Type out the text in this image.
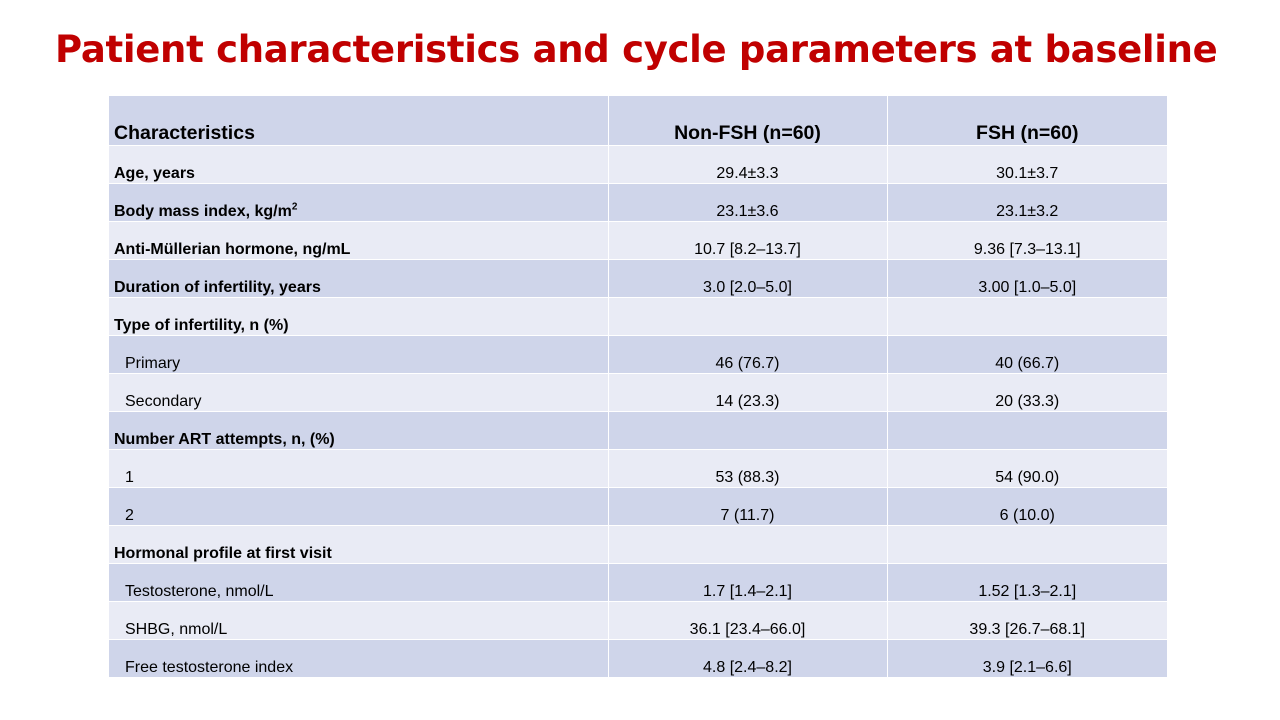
Patient characteristics and cycle parameters at baseline
Characteristics	Non-FSH (n=60)	FSH (n=60)
Age, years	29.4±3.3	30.1±3.7
Body mass index, $kg/m^2$	23.1±3.6	23.1±3.2
Anti-Müllerian hormone, ng/mL	10.7 [8.2–13.7]	9.36 [7.3–13.1]
Duration of infertility, years	3.0 [2.0–5.0]	3.00 [1.0–5.0]
Type of infertility, n (%)		
Primary	46 (76.7)	40 (66.7)
Secondary	14 (23.3)	20 (33.3)
Number ART attempts, n, (%)		
1	53 (88.3)	54 (90.0)
2	7 (11.7)	6 (10.0)
Hormonal profile at first visit		
Testosterone, nmol/L	1.7 [1.4–2.1]	1.52 [1.3–2.1]
SHBG, nmol/L	36.1 [23.4–66.0]	39.3 [26.7–68.1]
Free testosterone index	4.8 [2.4–8.2]	3.9 [2.1–6.6]
